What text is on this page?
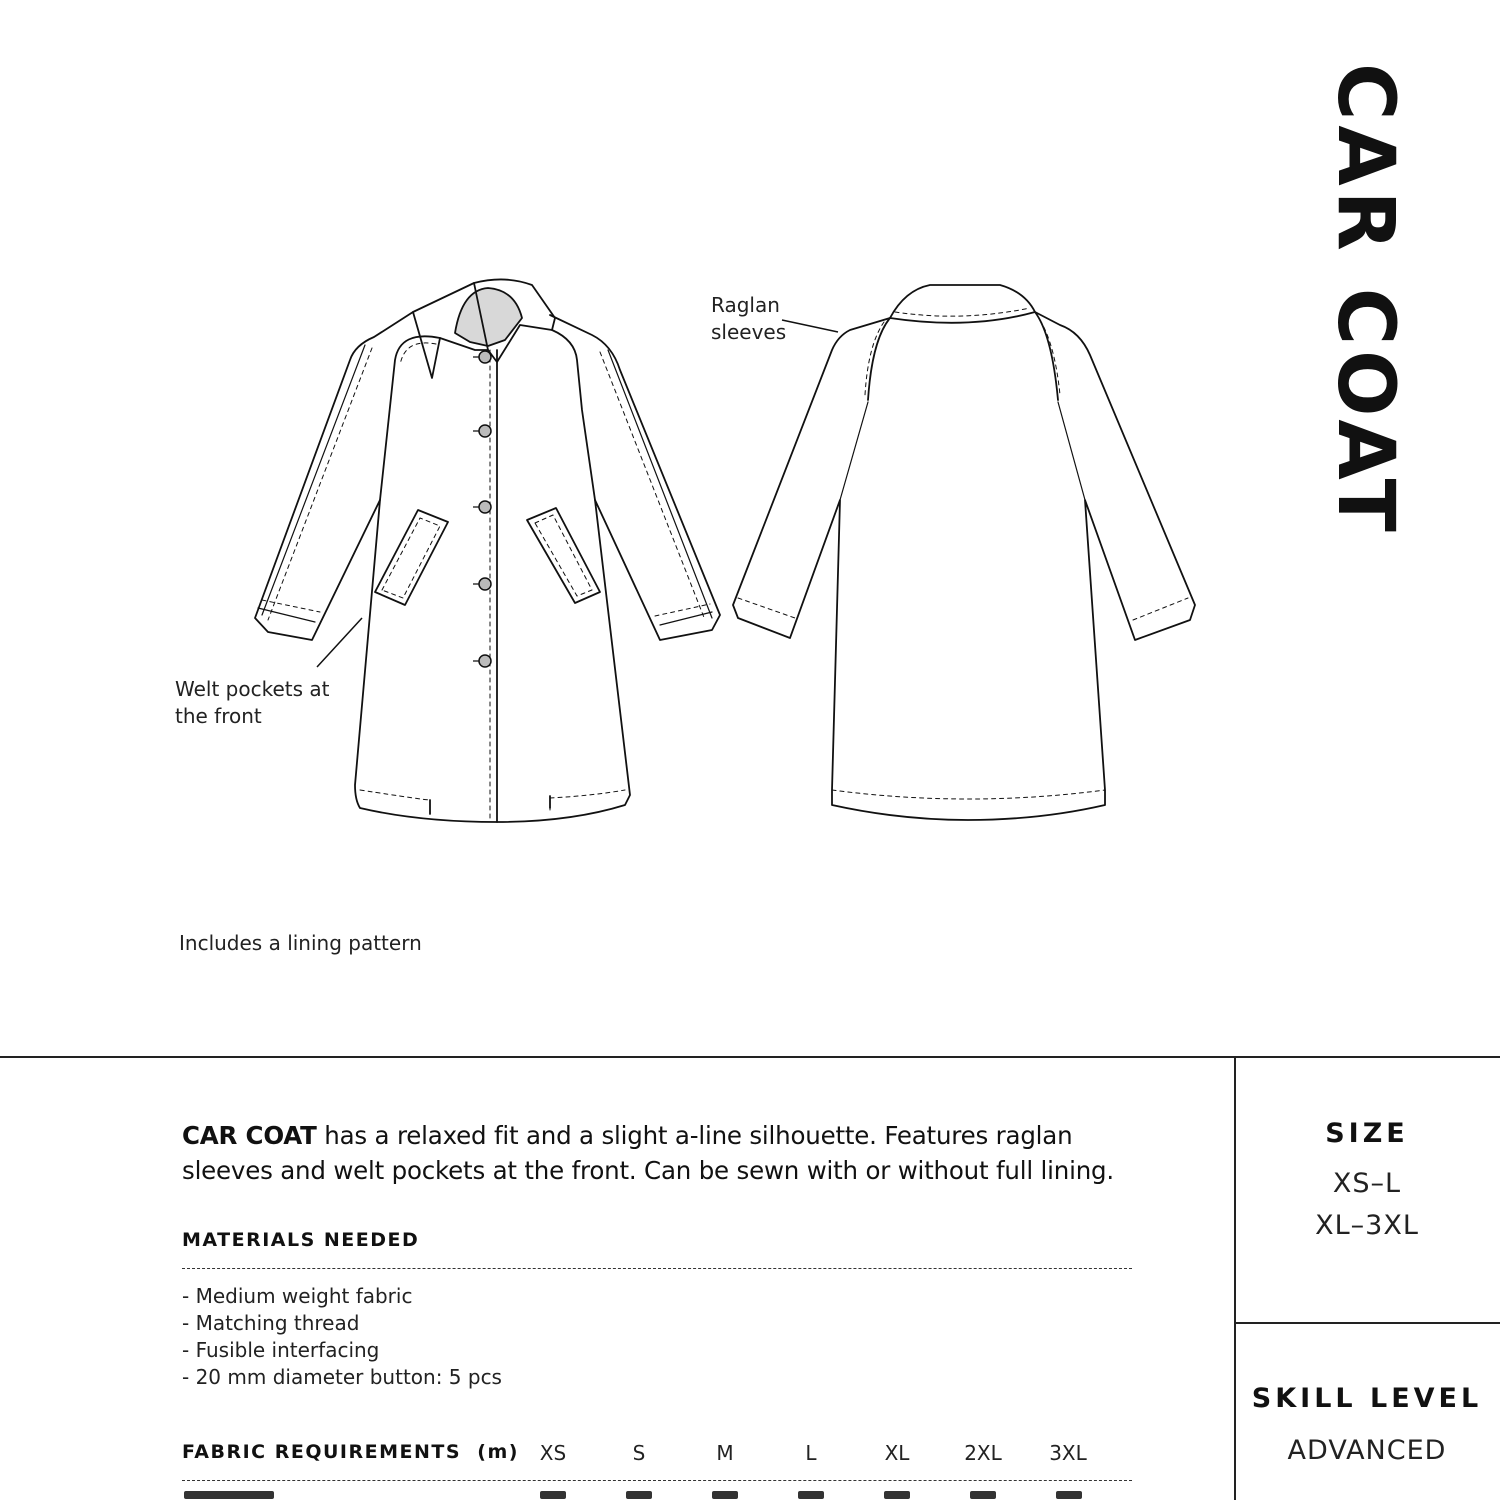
CAR COAT
Raglan
sleeves
Welt pockets at
the front
Includes a lining pattern
CAR COAT has a relaxed fit and a slight a-line silhouette. Features raglan sleeves and welt pockets at the front. Can be sewn with or without full lining.
MATERIALS NEEDED
- Medium weight fabric
- Matching thread
- Fusible interfacing
- 20 mm diameter button: 5 pcs
FABRIC REQUIREMENTS (m)	XS	S	M	L	XL	2XL	3XL
SIZE
XS–L
XL–3XL
SKILL LEVEL
ADVANCED
